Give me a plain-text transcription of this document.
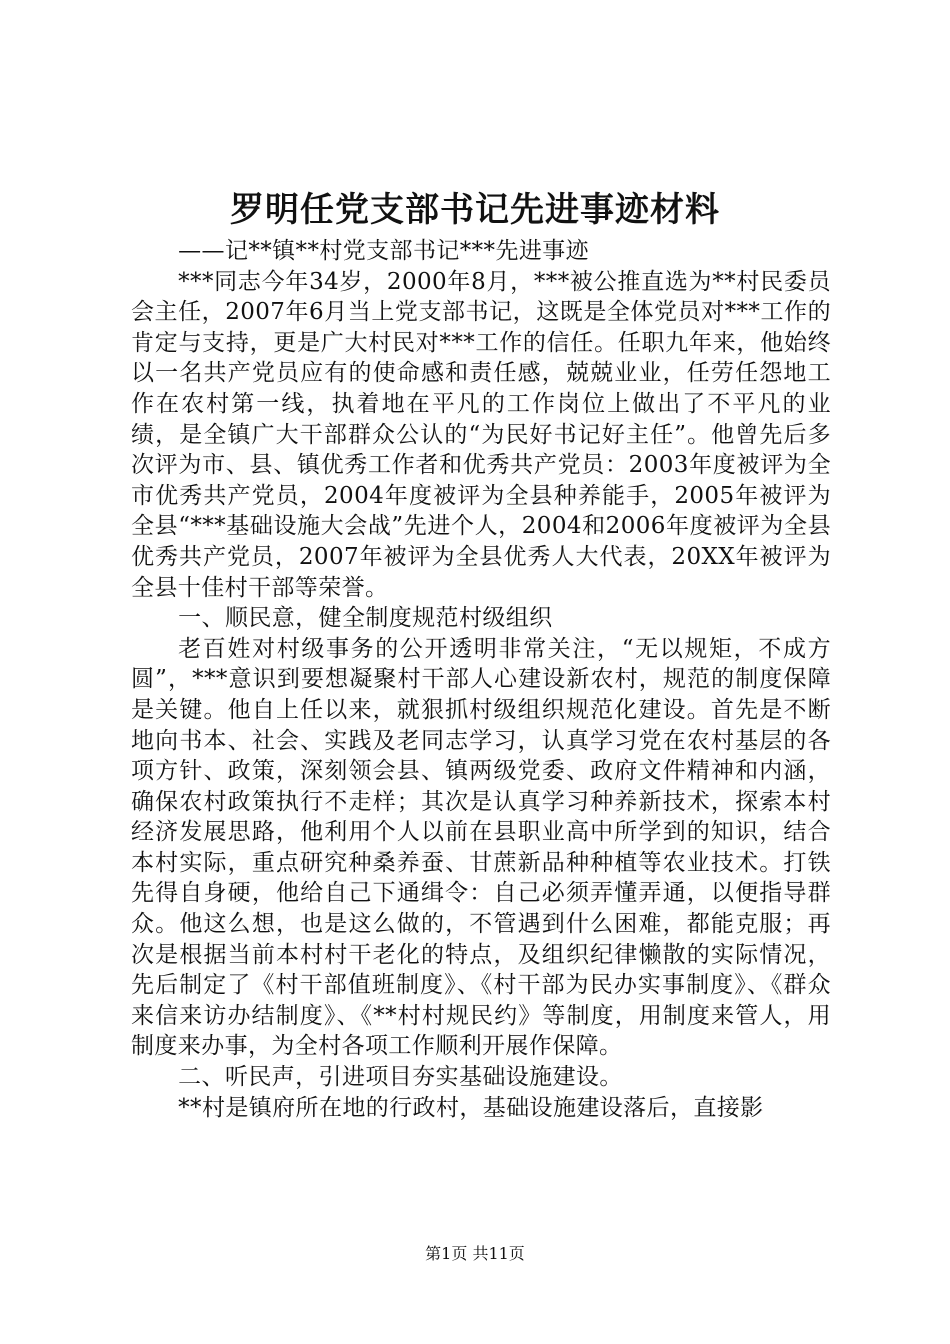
罗明任党支部书记先进事迹材料

——记**镇**村党支部书记***先进事迹

***同志今年34岁，2000年8月，***被公推直选为**村民委员会主任，2007年6月当上党支部书记，这既是全体党员对***工作的肯定与支持，更是广大村民对***工作的信任。任职九年来，他始终以一名共产党员应有的使命感和责任感，兢兢业业，任劳任怨地工作在农村第一线，执着地在平凡的工作岗位上做出了不平凡的业绩，是全镇广大干部群众公认的“为民好书记好主任”。他曾先后多次评为市、县、镇优秀工作者和优秀共产党员：2003年度被评为全市优秀共产党员，2004年度被评为全县种养能手，2005年被评为全县“***基础设施大会战”先进个人，2004和2006年度被评为全县优秀共产党员，2007年被评为全县优秀人大代表，20XX年被评为全县十佳村干部等荣誉。

一、顺民意，健全制度规范村级组织

老百姓对村级事务的公开透明非常关注，“无以规矩，不成方圆”，***意识到要想凝聚村干部人心建设新农村，规范的制度保障是关键。他自上任以来，就狠抓村级组织规范化建设。首先是不断地向书本、社会、实践及老同志学习，认真学习党在农村基层的各项方针、政策，深刻领会县、镇两级党委、政府文件精神和内涵，确保农村政策执行不走样；其次是认真学习种养新技术，探索本村经济发展思路，他利用个人以前在县职业高中所学到的知识，结合本村实际，重点研究种桑养蚕、甘蔗新品种种植等农业技术。打铁先得自身硬，他给自己下通缉令：自己必须弄懂弄通，以便指导群众。他这么想，也是这么做的，不管遇到什么困难，都能克服；再次是根据当前本村村干老化的特点，及组织纪律懒散的实际情况，先后制定了《村干部值班制度》、《村干部为民办实事制度》、《群众来信来访办结制度》、《**村村规民约》等制度，用制度来管人，用制度来办事，为全村各项工作顺利开展作保障。

二、听民声，引进项目夯实基础设施建设。

**村是镇府所在地的行政村，基础设施建设落后，直接影

第1页 共11页
